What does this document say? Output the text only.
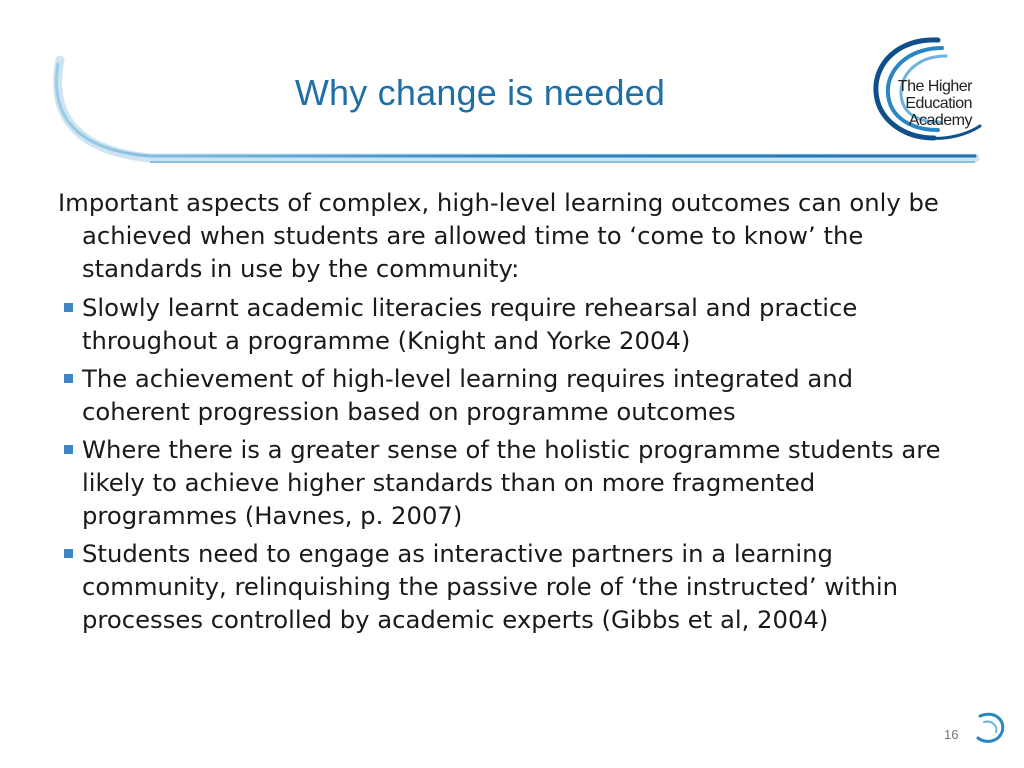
Why change is needed	The Higher
Education
Academy

Important aspects of complex, high-level learning outcomes can only be achieved when students are allowed time to ‘come to know’ the standards in use by the community:

Slowly learnt academic literacies require rehearsal and practice throughout a programme (Knight and Yorke 2004)
The achievement of high-level learning requires integrated and coherent progression based on programme outcomes
Where there is a greater sense of the holistic programme students are likely to achieve higher standards than on more fragmented programmes (Havnes, p. 2007)
Students need to engage as interactive partners in a learning community, relinquishing the passive role of ‘the instructed’ within processes controlled by academic experts (Gibbs et al, 2004)
16
